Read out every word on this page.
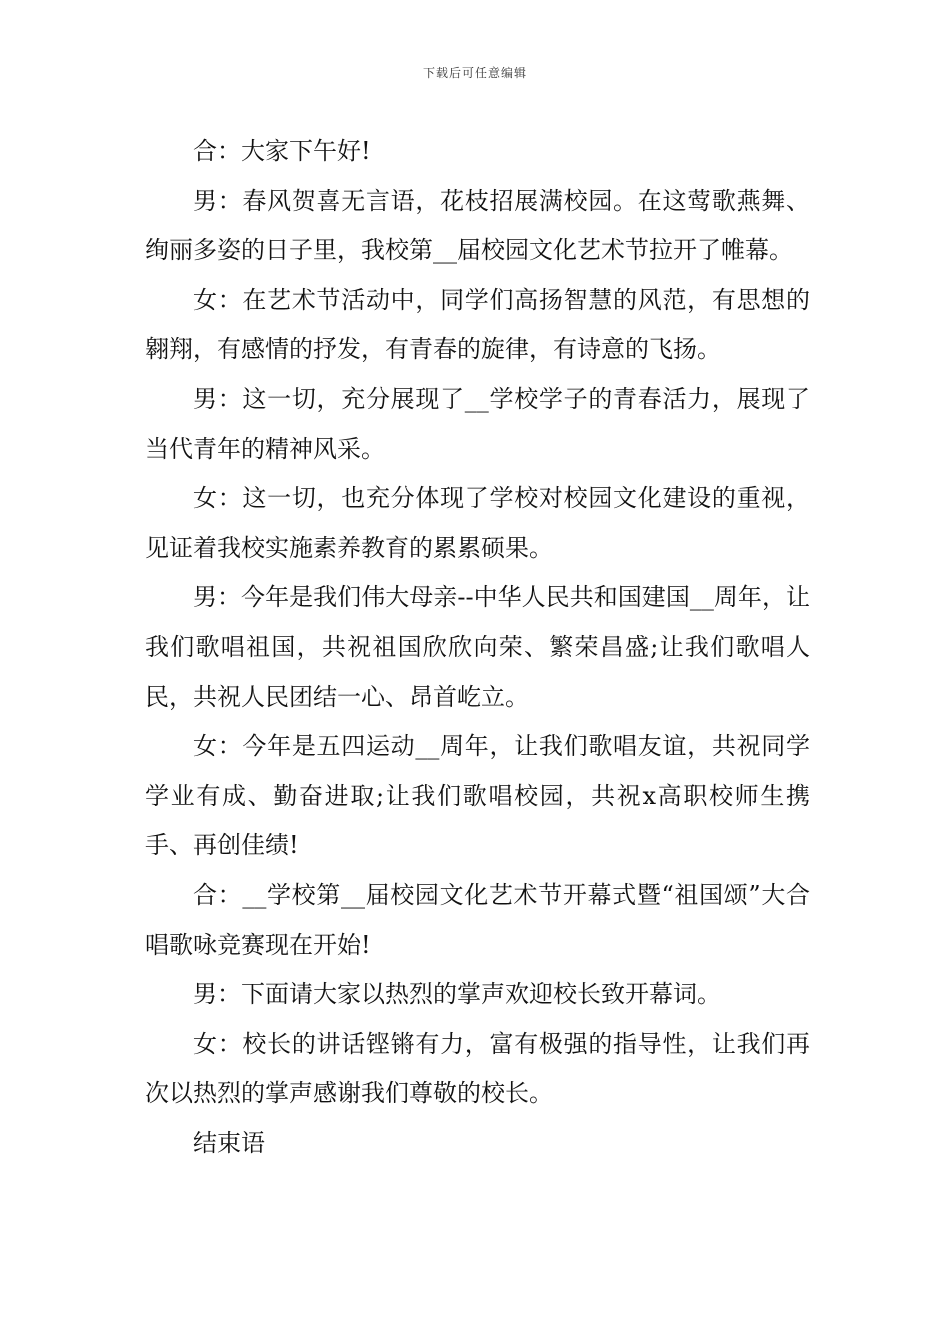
下载后可任意编辑

合：大家下午好!

男：春风贺喜无言语，花枝招展满校园。在这莺歌燕舞、绚丽多姿的日子里，我校第__届校园文化艺术节拉开了帷幕。

女：在艺术节活动中，同学们高扬智慧的风范，有思想的翱翔，有感情的抒发，有青春的旋律，有诗意的飞扬。

男：这一切，充分展现了__学校学子的青春活力，展现了当代青年的精神风采。

女：这一切，也充分体现了学校对校园文化建设的重视，见证着我校实施素养教育的累累硕果。

男：今年是我们伟大母亲--中华人民共和国建国__周年，让我们歌唱祖国，共祝祖国欣欣向荣、繁荣昌盛;让我们歌唱人民，共祝人民团结一心、昂首屹立。

女：今年是五四运动__周年，让我们歌唱友谊，共祝同学学业有成、勤奋进取;让我们歌唱校园，共祝x高职校师生携手、再创佳绩!

合：__学校第__届校园文化艺术节开幕式暨“祖国颂”大合唱歌咏竞赛现在开始!

男：下面请大家以热烈的掌声欢迎校长致开幕词。

女：校长的讲话铿锵有力，富有极强的指导性，让我们再次以热烈的掌声感谢我们尊敬的校长。

结束语
